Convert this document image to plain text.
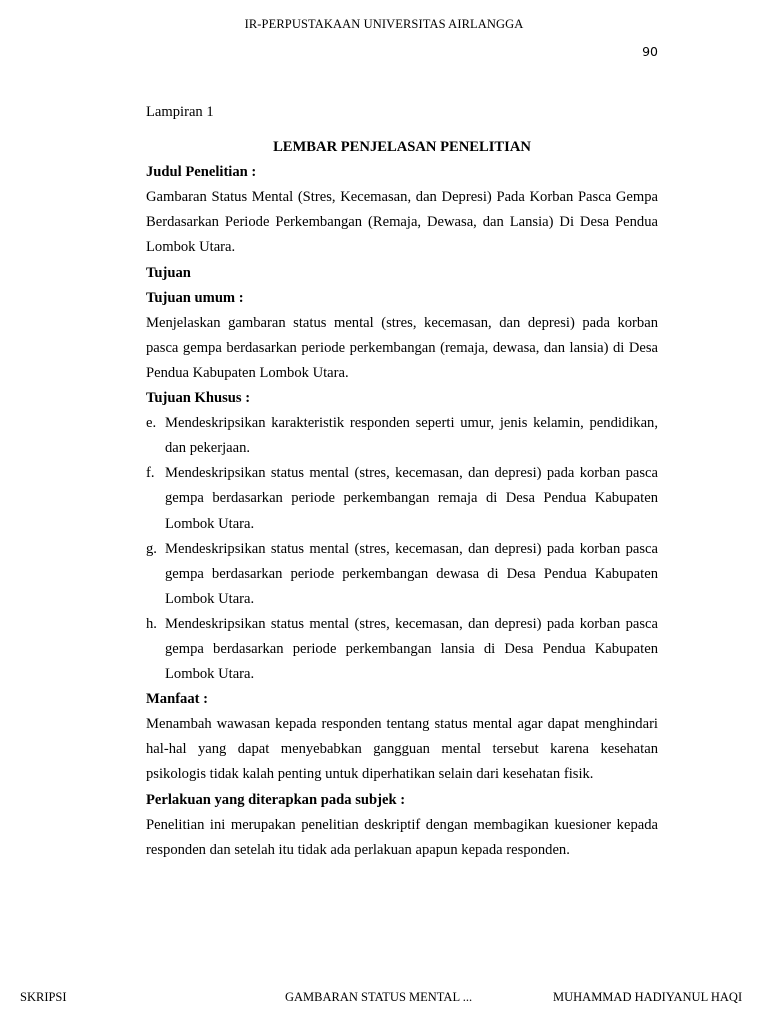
IR-PERPUSTAKAAN UNIVERSITAS AIRLANGGA
90

Lampiran 1

LEMBAR PENJELASAN PENELITIAN

Judul Penelitian :

Gambaran Status Mental (Stres, Kecemasan, dan Depresi) Pada Korban Pasca Gempa Berdasarkan Periode Perkembangan (Remaja, Dewasa, dan Lansia) Di Desa Pendua Lombok Utara.

Tujuan

Tujuan umum :

Menjelaskan gambaran status mental (stres, kecemasan, dan depresi) pada korban pasca gempa berdasarkan periode perkembangan (remaja, dewasa, dan lansia) di Desa Pendua Kabupaten Lombok Utara.

Tujuan Khusus :

e. Mendeskripsikan karakteristik responden seperti umur, jenis kelamin, pendidikan, dan pekerjaan.
f. Mendeskripsikan status mental (stres, kecemasan, dan depresi) pada korban pasca gempa berdasarkan periode perkembangan remaja di Desa Pendua Kabupaten Lombok Utara.
g. Mendeskripsikan status mental (stres, kecemasan, dan depresi) pada korban pasca gempa berdasarkan periode perkembangan dewasa di Desa Pendua Kabupaten Lombok Utara.
h. Mendeskripsikan status mental (stres, kecemasan, dan depresi) pada korban pasca gempa berdasarkan periode perkembangan lansia di Desa Pendua Kabupaten Lombok Utara.

Manfaat :

Menambah wawasan kepada responden tentang status mental agar dapat menghindari hal-hal yang dapat menyebabkan gangguan mental tersebut karena kesehatan psikologis tidak kalah penting untuk diperhatikan selain dari kesehatan fisik.

Perlakuan yang diterapkan pada subjek :

Penelitian ini merupakan penelitian deskriptif dengan membagikan kuesioner kepada responden dan setelah itu tidak ada perlakuan apapun kepada responden.

SKRIPSI	GAMBARAN STATUS MENTAL ...	MUHAMMAD HADIYANUL HAQI
